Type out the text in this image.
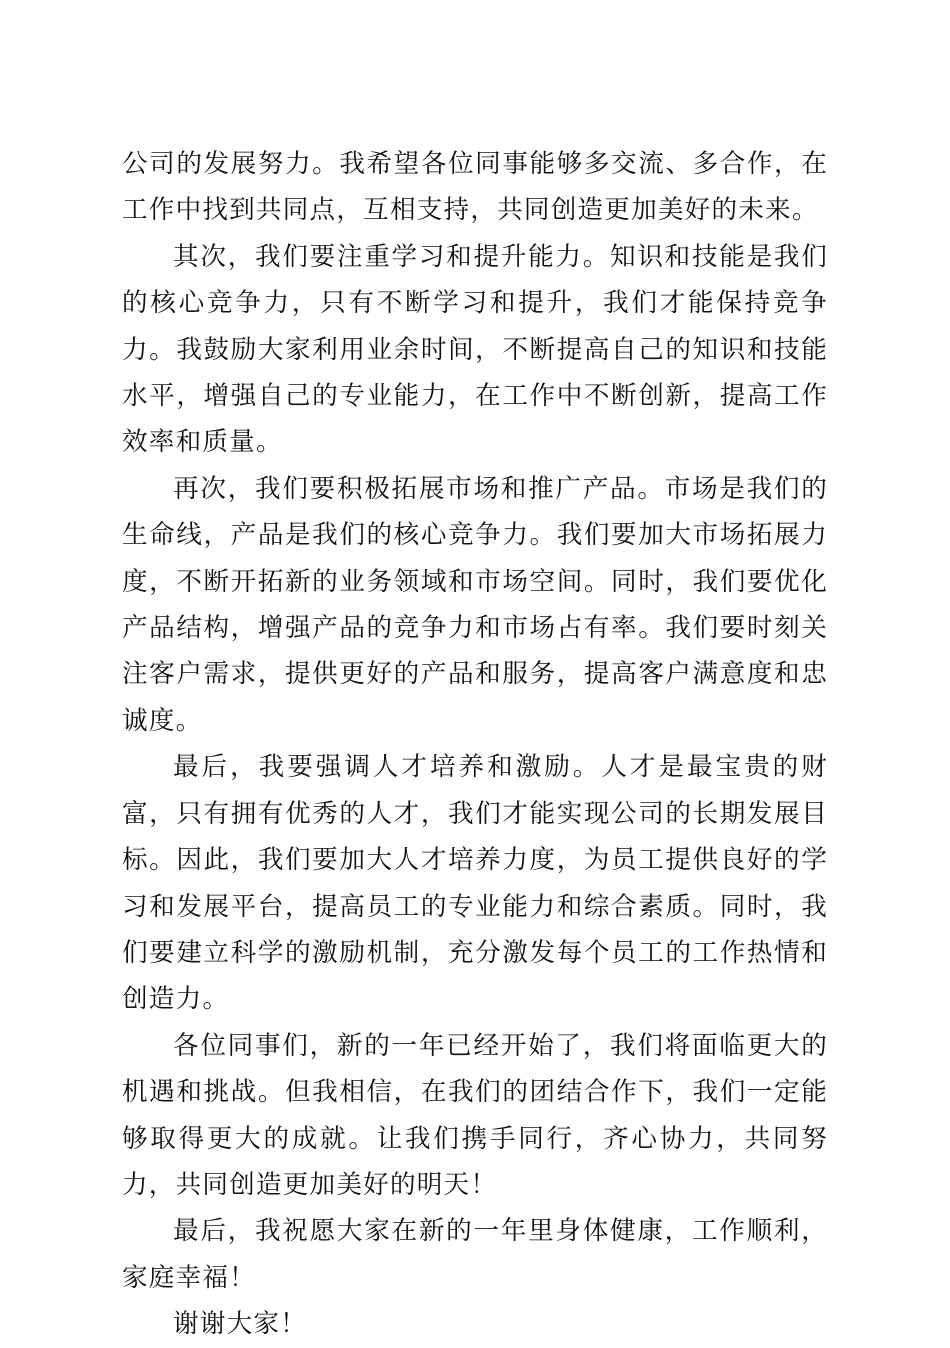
公司的发展努力。我希望各位同事能够多交流、多合作，在工作中找到共同点，互相支持，共同创造更加美好的未来。

其次，我们要注重学习和提升能力。知识和技能是我们的核心竞争力，只有不断学习和提升，我们才能保持竞争力。我鼓励大家利用业余时间，不断提高自己的知识和技能水平，增强自己的专业能力，在工作中不断创新，提高工作效率和质量。

再次，我们要积极拓展市场和推广产品。市场是我们的生命线，产品是我们的核心竞争力。我们要加大市场拓展力度，不断开拓新的业务领域和市场空间。同时，我们要优化产品结构，增强产品的竞争力和市场占有率。我们要时刻关注客户需求，提供更好的产品和服务，提高客户满意度和忠诚度。

最后，我要强调人才培养和激励。人才是最宝贵的财富，只有拥有优秀的人才，我们才能实现公司的长期发展目标。因此，我们要加大人才培养力度，为员工提供良好的学习和发展平台，提高员工的专业能力和综合素质。同时，我们要建立科学的激励机制，充分激发每个员工的工作热情和创造力。

各位同事们，新的一年已经开始了，我们将面临更大的机遇和挑战。但我相信，在我们的团结合作下，我们一定能够取得更大的成就。让我们携手同行，齐心协力，共同努力，共同创造更加美好的明天！

最后，我祝愿大家在新的一年里身体健康，工作顺利，家庭幸福！

谢谢大家！
